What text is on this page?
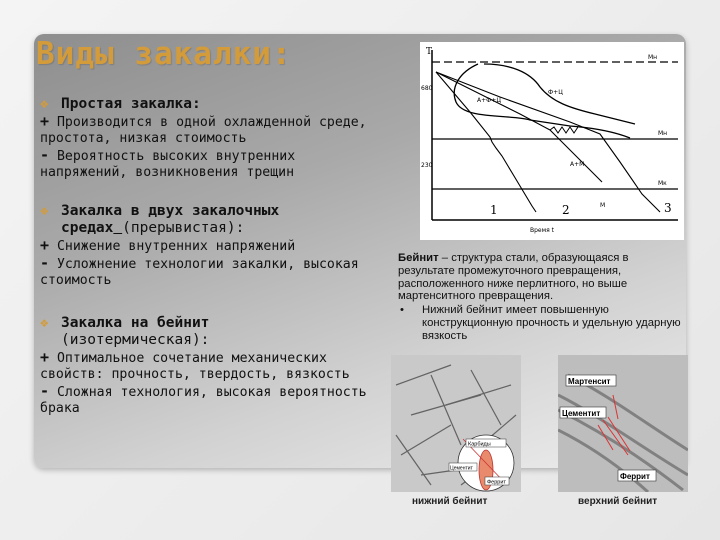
Виды закалки:
❖ Простая закалка:
+ Производится в одной охлажденной среде, простота, низкая стоимость
- Вероятность высоких внутренних напряжений, возникновения трещин
❖ Закалка в двух закалочных средах (прерывистая):
+ Снижение внутренних напряжений
- Усложнение технологии закалки, высокая стоимость
❖ Закалка на бейнит
(изотермическая):
+ Оптимальное сочетание механических свойств: прочность, твердость, вязкость
- Сложная технология, высокая вероятность брака
T
680
230
Mн
Mн
Mк
A+Ф+Ц
Ф+Ц
A+M
M
1	2	3
Время t
Бейнит – структура стали, образующаяся в результате промежуточного превращения, расположенного ниже перлитного, но выше мартенситного превращения.
•	Нижний бейнит имеет повышенную конструкционную прочность и удельную ударную вязкость
Карбиды
Цементит
Феррит
нижний бейнит
Мартенсит
Цементит
Феррит
верхний бейнит
